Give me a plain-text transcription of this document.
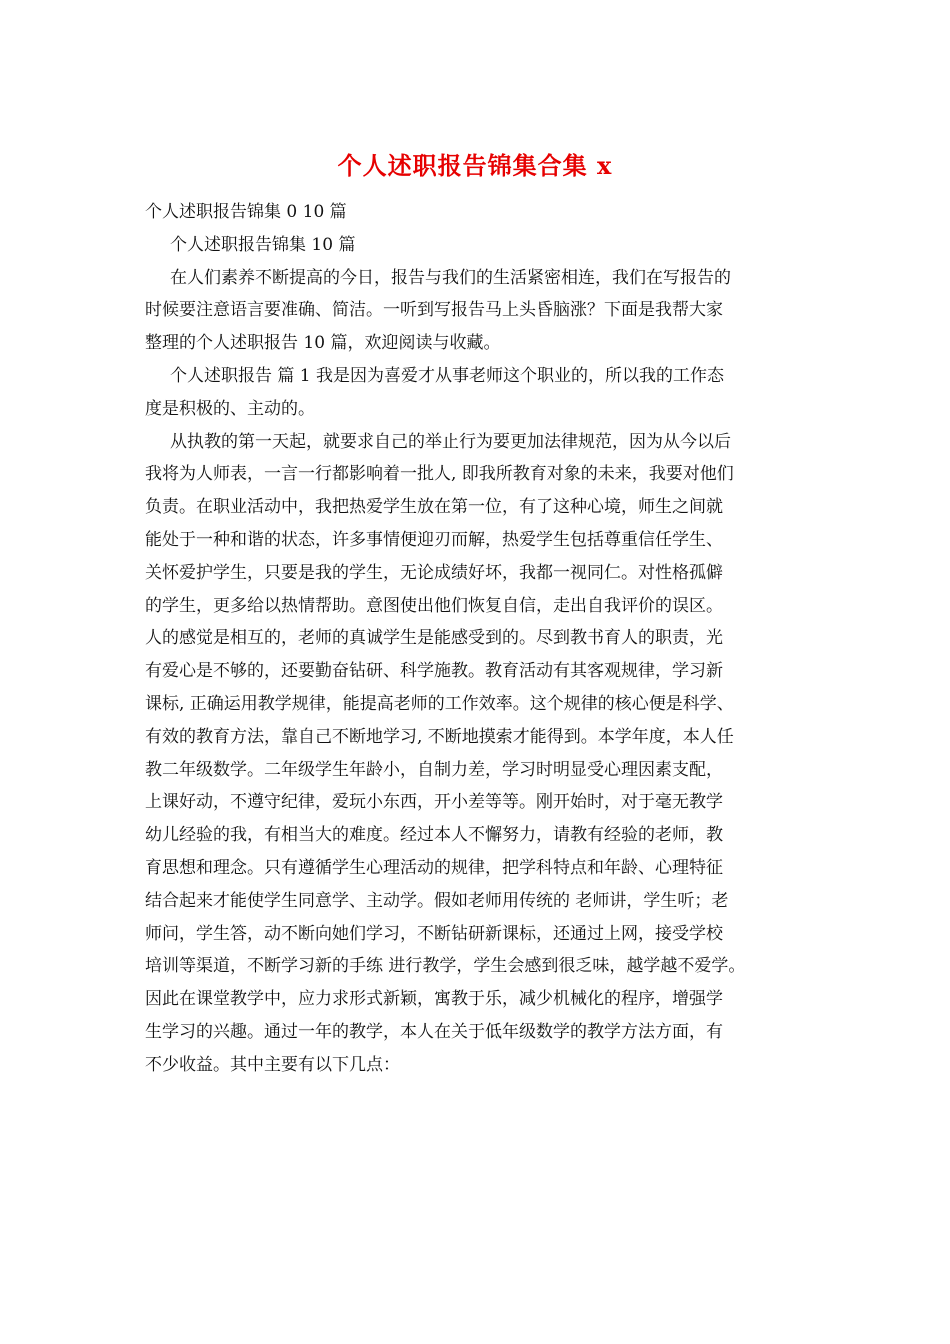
个人述职报告锦集合集 x
个人述职报告锦集 0 10 篇
个人述职报告锦集 10 篇
在人们素养不断提高的今日，报告与我们的生活紧密相连，我们在写报告的
时候要注意语言要准确、简洁。一听到写报告马上头昏脑涨？下面是我帮大家
整理的个人述职报告 10 篇，欢迎阅读与收藏。
个人述职报告 篇 1 我是因为喜爱才从事老师这个职业的，所以我的工作态
度是积极的、主动的。
从执教的第一天起，就要求自己的举止行为要更加法律规范，因为从今以后
我将为人师表，一言一行都影响着一批人, 即我所教育对象的未来，我要对他们
负责。在职业活动中，我把热爱学生放在第一位，有了这种心境，师生之间就
能处于一种和谐的状态，许多事情便迎刃而解，热爱学生包括尊重信任学生、
关怀爱护学生，只要是我的学生，无论成绩好坏，我都一视同仁。对性格孤僻
的学生，更多给以热情帮助。意图使出他们恢复自信，走出自我评价的误区。
人的感觉是相互的，老师的真诚学生是能感受到的。尽到教书育人的职责，光
有爱心是不够的，还要勤奋钻研、科学施教。教育活动有其客观规律，学习新
课标, 正确运用教学规律，能提高老师的工作效率。这个规律的核心便是科学、
有效的教育方法，靠自己不断地学习, 不断地摸索才能得到。本学年度，本人任
教二年级数学。二年级学生年龄小，自制力差，学习时明显受心理因素支配，
上课好动，不遵守纪律，爱玩小东西，开小差等等。刚开始时，对于毫无教学
幼儿经验的我，有相当大的难度。经过本人不懈努力，请教有经验的老师，教
育思想和理念。只有遵循学生心理活动的规律，把学科特点和年龄、心理特征
结合起来才能使学生同意学、主动学。假如老师用传统的 老师讲，学生听；老
师问，学生答，动不断向她们学习，不断钻研新课标，还通过上网，接受学校
培训等渠道，不断学习新的手练 进行教学，学生会感到很乏味，越学越不爱学。
因此在课堂教学中，应力求形式新颖，寓教于乐，减少机械化的程序，增强学
生学习的兴趣。通过一年的教学，本人在关于低年级数学的教学方法方面，有
不少收益。其中主要有以下几点：
